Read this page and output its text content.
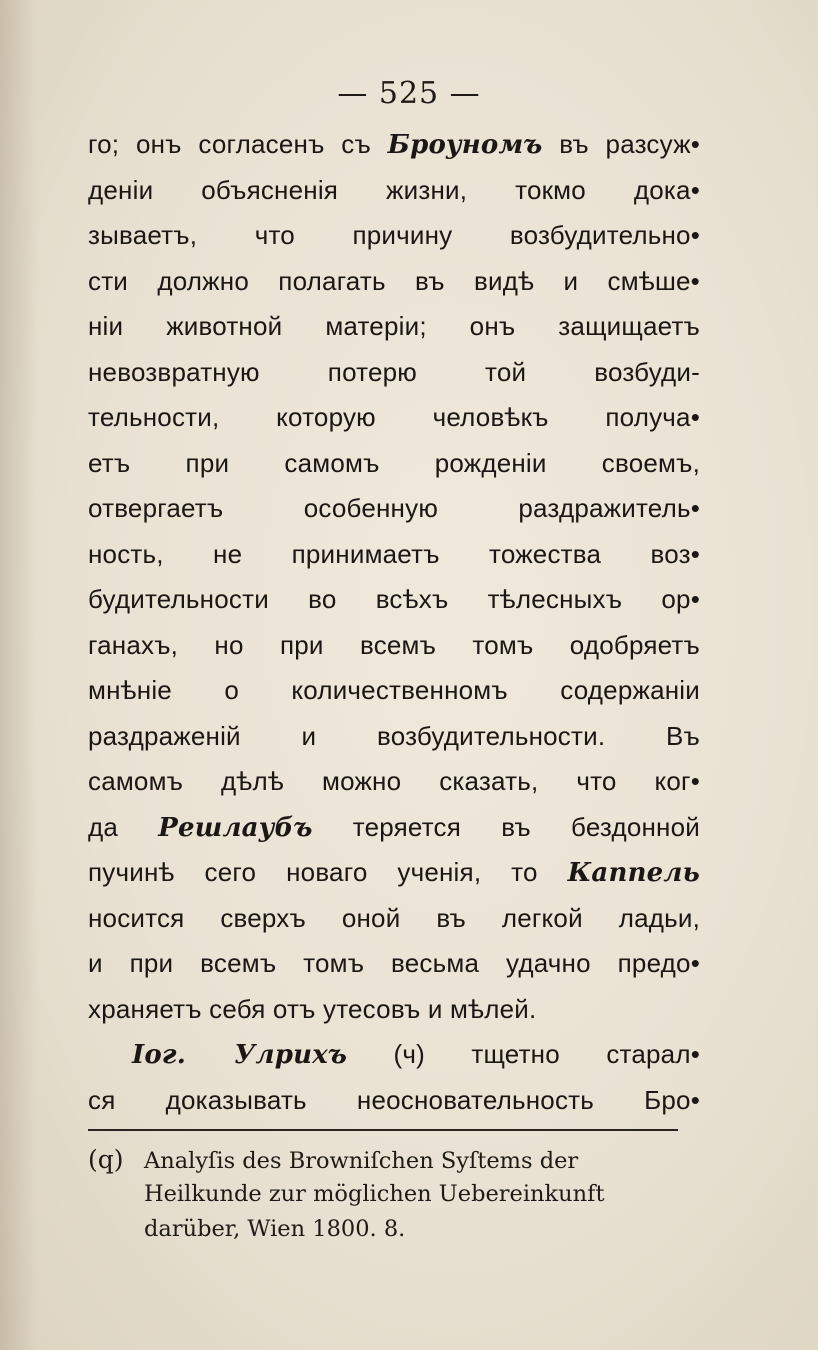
— 525 —
го; онъ согласенъ съ Броуномъ въ разсуж•
деніи объясненія жизни, токмо дока•
зываетъ, что причину возбудительно•
сти должно полагать въ видѣ и смѣше•
ніи животной матеріи; онъ защищаетъ
невозвратную потерю той возбуди-
тельности, которую человѣкъ получа•
етъ при самомъ рожденіи своемъ,
отвергаетъ особенную раздражитель•
ность, не принимаетъ тожества воз•
будительности во всѣхъ тѣлесныхъ ор•
ганахъ, но при всемъ томъ одобряетъ
мнѣніе о количественномъ содержаніи
раздраженій и возбудительности. Въ
самомъ дѣлѣ можно сказать, что ког•
да Решлаубъ теряется въ бездонной
пучинѣ сего новаго ученія, то Каппель
носится сверхъ оной въ легкой ладьи,
и при всемъ томъ весьма удачно предо•
храняетъ себя отъ утесовъ и мѣлей.
Іог. Улрихъ (ч) тщетно старал•
ся доказывать неосновательность Бро•
(q) Analyſis des Browniſchen Syſtems der
Heilkunde zur möglichen Uebereinkunft
darüber, Wien 1800. 8.
